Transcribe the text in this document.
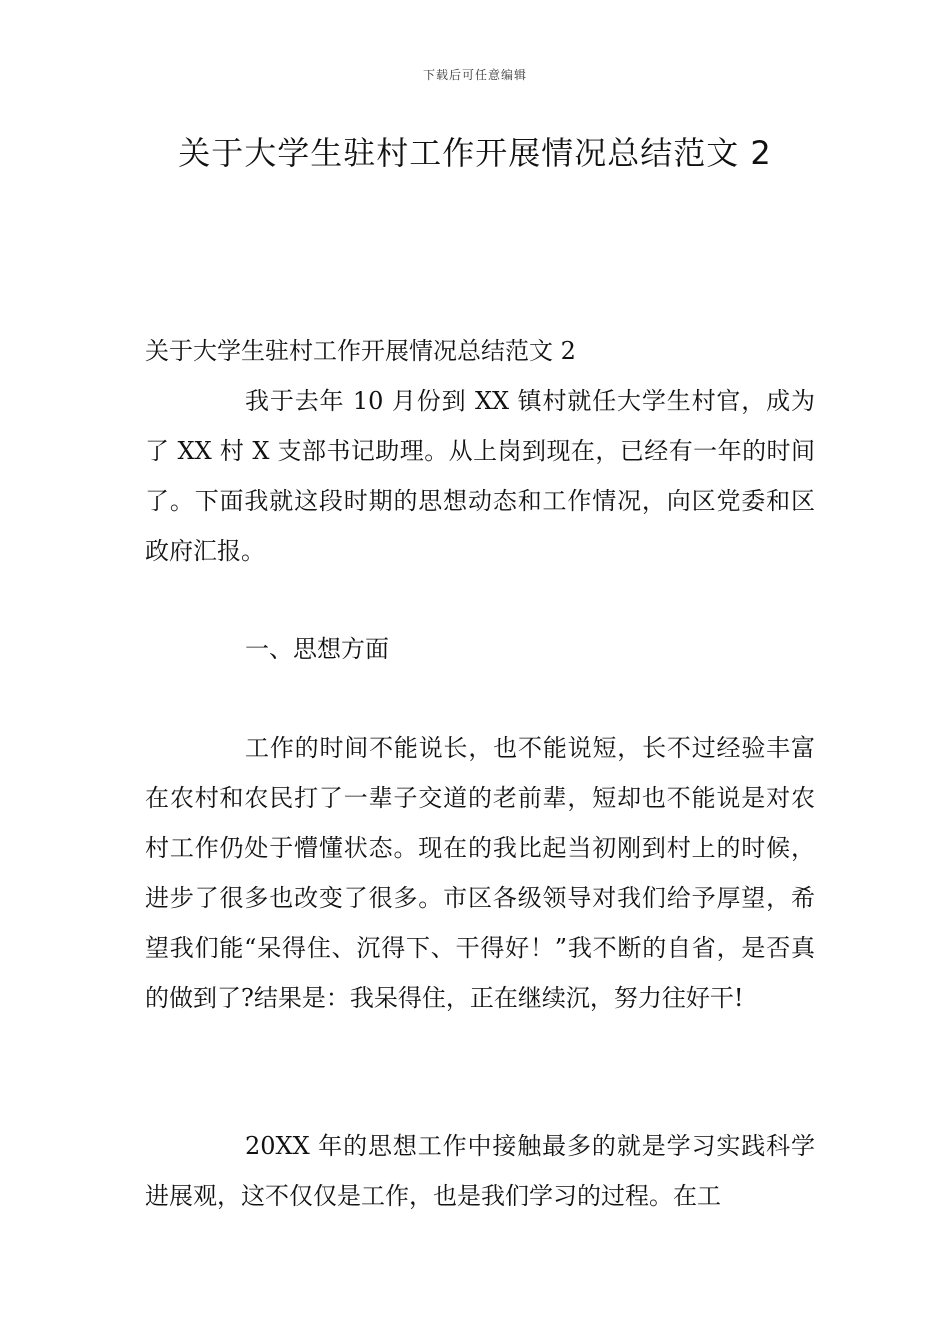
下载后可任意编辑
关于大学生驻村工作开展情况总结范文 2

关于大学生驻村工作开展情况总结范文 2

我于去年 10 月份到 XX 镇村就任大学生村官，成为了 XX 村 X 支部书记助理。从上岗到现在，已经有一年的时间了。下面我就这段时期的思想动态和工作情况，向区党委和区政府汇报。

一、思想方面

工作的时间不能说长，也不能说短，长不过经验丰富在农村和农民打了一辈子交道的老前辈，短却也不能说是对农村工作仍处于懵懂状态。现在的我比起当初刚到村上的时候，进步了很多也改变了很多。市区各级领导对我们给予厚望，希望我们能“呆得住、沉得下、干得好！”我不断的自省，是否真的做到了?结果是：我呆得住，正在继续沉，努力往好干!

20XX 年的思想工作中接触最多的就是学习实践科学进展观，这不仅仅是工作，也是我们学习的过程。在工
